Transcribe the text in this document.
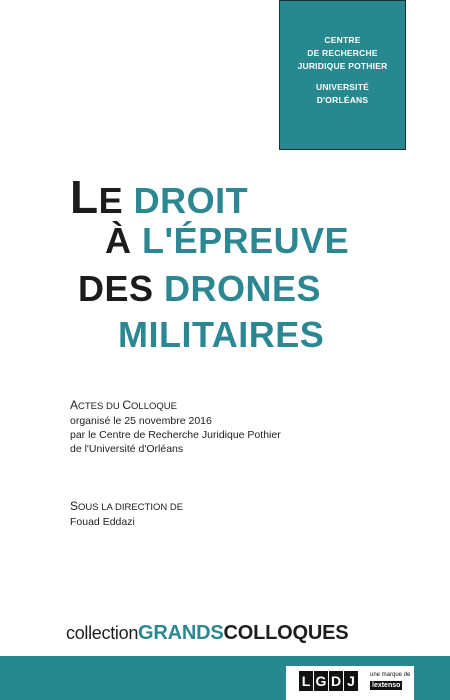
CENTRE
DE RECHERCHE
JURIDIQUE POTHIER
UNIVERSITÉ
D'ORLÉANS
LE DROIT
À L'ÉPREUVE
DES DRONES
MILITAIRES
ACTES DU COLLOQUE
organisé le 25 novembre 2016
par le Centre de Recherche Juridique Pothier
de l'Université d'Orléans
SOUS LA DIRECTION DE
Fouad Eddazi
collectionGRANDSCOLLOQUES
L G D J	une marque de
lextenso
